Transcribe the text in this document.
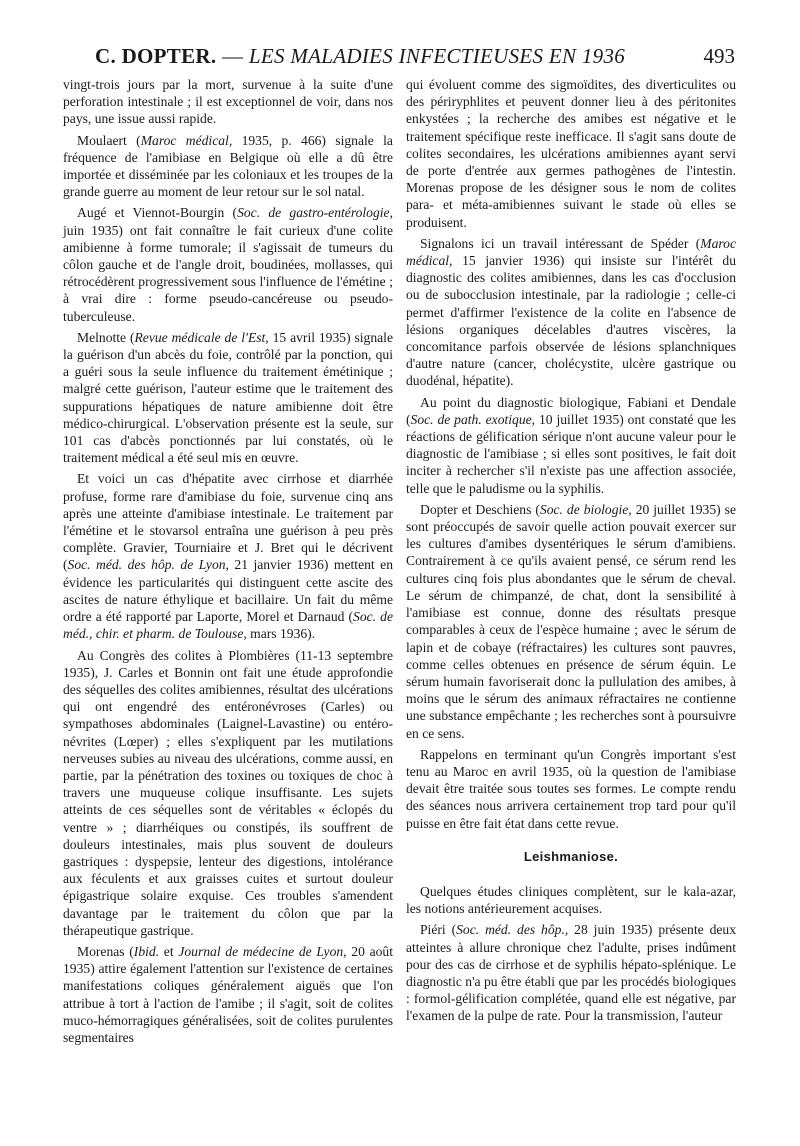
C. DOPTER. — LES MALADIES INFECTIEUSES EN 1936	493

vingt-trois jours par la mort, survenue à la suite d'une perforation intestinale ; il est exceptionnel de voir, dans nos pays, une issue aussi rapide.

Moulaert (Maroc médical, 1935, p. 466) signale la fréquence de l'amibiase en Belgique où elle a dû être importée et disséminée par les coloniaux et les troupes de la grande guerre au moment de leur retour sur le sol natal.

Augé et Viennot-Bourgin (Soc. de gastro-entérologie, juin 1935) ont fait connaître le fait curieux d'une colite amibienne à forme tumorale; il s'agissait de tumeurs du côlon gauche et de l'angle droit, boudinées, mollasses, qui rétrocédèrent progressivement sous l'influence de l'émétine ; à vrai dire : forme pseudo-cancéreuse ou pseudo-tuberculeuse.

Melnotte (Revue médicale de l'Est, 15 avril 1935) signale la guérison d'un abcès du foie, contrôlé par la ponction, qui a guéri sous la seule influence du traitement émétinique ; malgré cette guérison, l'auteur estime que le traitement des suppurations hépatiques de nature amibienne doit être médico-chirurgical. L'observation présente est la seule, sur 101 cas d'abcès ponctionnés par lui constatés, où le traitement médical a été seul mis en œuvre.

Et voici un cas d'hépatite avec cirrhose et diarrhée profuse, forme rare d'amibiase du foie, survenue cinq ans après une atteinte d'amibiase intestinale. Le traitement par l'émétine et le stovarsol entraîna une guérison à peu près complète. Gravier, Tourniaire et J. Bret qui le décrivent (Soc. méd. des hôp. de Lyon, 21 janvier 1936) mettent en évidence les particularités qui distinguent cette ascite des ascites de nature éthylique et bacillaire. Un fait du même ordre a été rapporté par Laporte, Morel et Darnaud (Soc. de méd., chir. et pharm. de Toulouse, mars 1936).

Au Congrès des colites à Plombières (11-13 septembre 1935), J. Carles et Bonnin ont fait une étude approfondie des séquelles des colites amibiennes, résultat des ulcérations qui ont engendré des entéronévroses (Carles) ou sympathoses abdominales (Laignel-Lavastine) ou entéro-névrites (Lœper) ; elles s'expliquent par les mutilations nerveuses subies au niveau des ulcérations, comme aussi, en partie, par la pénétration des toxines ou toxiques de choc à travers une muqueuse colique insuffisante. Les sujets atteints de ces séquelles sont de véritables « éclopés du ventre » ; diarrhéiques ou constipés, ils souffrent de douleurs intestinales, mais plus souvent de douleurs gastriques : dyspepsie, lenteur des digestions, intolérance aux féculents et aux graisses cuites et surtout douleur épigastrique solaire exquise. Ces troubles s'amendent davantage par le traitement du côlon que par la thérapeutique gastrique.

Morenas (Ibid. et Journal de médecine de Lyon, 20 août 1935) attire également l'attention sur l'existence de certaines manifestations coliques généralement aiguës que l'on attribue à tort à l'action de l'amibe ; il s'agit, soit de colites muco-hémorragiques généralisées, soit de colites purulentes segmentaires

qui évoluent comme des sigmoïdites, des diverticulites ou des périryphlites et peuvent donner lieu à des péritonites enkystées ; la recherche des amibes est négative et le traitement spécifique reste inefficace. Il s'agit sans doute de colites secondaires, les ulcérations amibiennes ayant servi de porte d'entrée aux germes pathogènes de l'intestin. Morenas propose de les désigner sous le nom de colites para- et méta-amibiennes suivant le stade où elles se produisent.

Signalons ici un travail intéressant de Spéder (Maroc médical, 15 janvier 1936) qui insiste sur l'intérêt du diagnostic des colites amibiennes, dans les cas d'occlusion ou de subocclusion intestinale, par la radiologie ; celle-ci permet d'affirmer l'existence de la colite en l'absence de lésions organiques décelables d'autres viscères, la concomitance parfois observée de lésions splanchniques d'autre nature (cancer, cholécystite, ulcère gastrique ou duodénal, hépatite).

Au point du diagnostic biologique, Fabiani et Dendale (Soc. de path. exotique, 10 juillet 1935) ont constaté que les réactions de gélification sérique n'ont aucune valeur pour le diagnostic de l'amibiase ; si elles sont positives, le fait doit inciter à rechercher s'il n'existe pas une affection associée, telle que le paludisme ou la syphilis.

Dopter et Deschiens (Soc. de biologie, 20 juillet 1935) se sont préoccupés de savoir quelle action pouvait exercer sur les cultures d'amibes dysentériques le sérum d'amibiens. Contrairement à ce qu'ils avaient pensé, ce sérum rend les cultures cinq fois plus abondantes que le sérum de cheval. Le sérum de chimpanzé, de chat, dont la sensibilité à l'amibiase est connue, donne des résultats presque comparables à ceux de l'espèce humaine ; avec le sérum de lapin et de cobaye (réfractaires) les cultures sont pauvres, comme celles obtenues en présence de sérum équin. Le sérum humain favoriserait donc la pullulation des amibes, à moins que le sérum des animaux réfractaires ne contienne une substance empêchante ; les recherches sont à poursuivre en ce sens.

Rappelons en terminant qu'un Congrès important s'est tenu au Maroc en avril 1935, où la question de l'amibiase devait être traitée sous toutes ses formes. Le compte rendu des séances nous arrivera certainement trop tard pour qu'il puisse en être fait état dans cette revue.

Leishmaniose.

Quelques études cliniques complètent, sur le kala-azar, les notions antérieurement acquises.

Piéri (Soc. méd. des hôp., 28 juin 1935) présente deux atteintes à allure chronique chez l'adulte, prises indûment pour des cas de cirrhose et de syphilis hépato-splénique. Le diagnostic n'a pu être établi que par les procédés biologiques : formol-gélification complétée, quand elle est négative, par l'examen de la pulpe de rate. Pour la transmission, l'auteur
